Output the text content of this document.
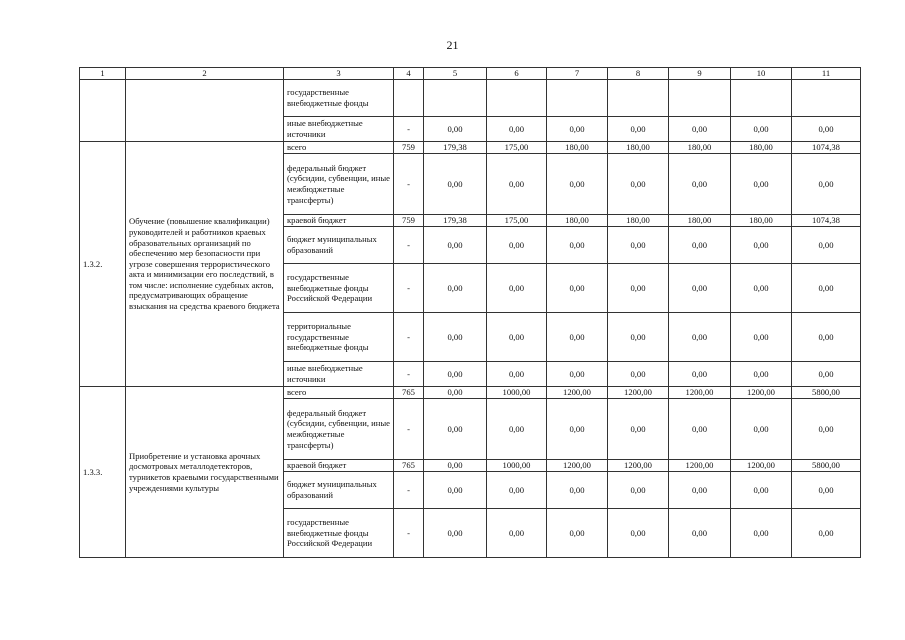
21
1	2	3	4	5	6	7	8	9	10	11
		государственные внебюджетные фонды								
		иные внебюджетные источники	-	0,00	0,00	0,00	0,00	0,00	0,00	0,00
1.3.2.	Обучение (повышение квалификации) руководителей и работников краевых образовательных организаций по обеспечению мер безопасности при угрозе совершения террористического акта и минимизации его последствий, в том числе: исполнение судебных актов, предусматривающих обращение взыскания на средства краевого бюджета	всего	759	179,38	175,00	180,00	180,00	180,00	180,00	1074,38
		федеральный бюджет (субсидии, субвенции, иные межбюджетные трансферты)	-	0,00	0,00	0,00	0,00	0,00	0,00	0,00
		краевой бюджет	759	179,38	175,00	180,00	180,00	180,00	180,00	1074,38
		бюджет муниципальных образований	-	0,00	0,00	0,00	0,00	0,00	0,00	0,00
		государственные внебюджетные фонды Российской Федерации	-	0,00	0,00	0,00	0,00	0,00	0,00	0,00
		территориальные государственные внебюджетные фонды	-	0,00	0,00	0,00	0,00	0,00	0,00	0,00
		иные внебюджетные источники	-	0,00	0,00	0,00	0,00	0,00	0,00	0,00
1.3.3.	Приобретение и установка арочных досмотровых металлодетекторов, турникетов краевыми государственными учреждениями культуры	всего	765	0,00	1000,00	1200,00	1200,00	1200,00	1200,00	5800,00
		федеральный бюджет (субсидии, субвенции, иные межбюджетные трансферты)	-	0,00	0,00	0,00	0,00	0,00	0,00	0,00
		краевой бюджет	765	0,00	1000,00	1200,00	1200,00	1200,00	1200,00	5800,00
		бюджет муниципальных образований	-	0,00	0,00	0,00	0,00	0,00	0,00	0,00
		государственные внебюджетные фонды Российской Федерации	-	0,00	0,00	0,00	0,00	0,00	0,00	0,00
